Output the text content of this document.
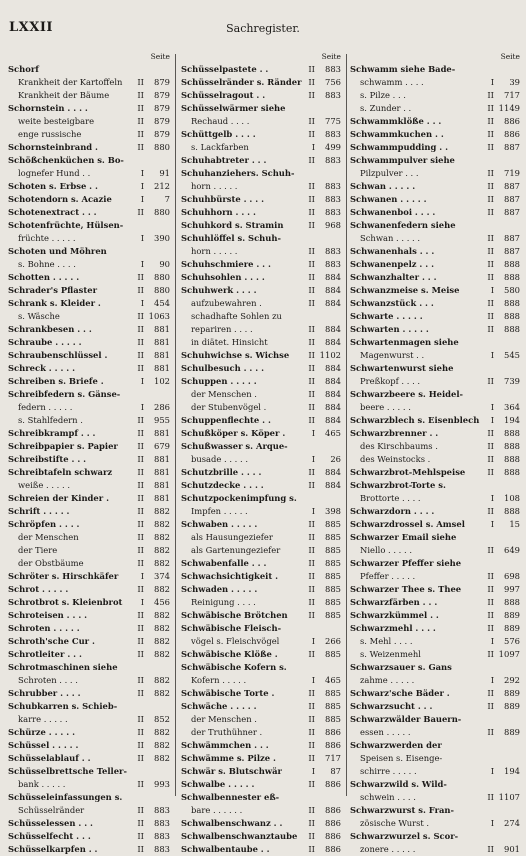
LXXII	Sachregister.
Seite
Schorf
Krankheit der Kartoffeln II	879
Krankheit der Bäume	II	879
Schornstein . . . .	II	879
weite besteigbare	II	879
enge russische	II	879
Schornsteinbrand .	II	880
Schößchenküchen s. Bo-
lognefer Hund . .	I	91
Schoten s. Erbse . .	I	212
Schotendorn s. Acazie	I	7
Schotenextract . . .	II	880
Schotenfrüchte, Hülsen-
früchte . . . . .	I	390
Schoten und Möhren
s. Bohne . . . .	I	90
Schotten . . . . .	II	880
Schrader's Pflaster	II	880
Schrank s. Kleider .	I	454
s. Wäsche	II 1063
Schrankbesen . . .	II	881
Schraube . . . . .	II	881
Schraubenschlüssel .	II	881
Schreck . . . . .	II	881
Schreiben s. Briefe .	I	102
Schreibfedern s. Gänse-
federn . . . . .	I	286
s. Stahlfedern .	II	955
Schreibkrampf . . .	II	881
Schreibpapier s. Papier II	679
Schreibstifte . . .	II	881
Schreibtafeln schwarz	II	881
weiße . . . . .	II	881
Schreien der Kinder .	II	881
Schrift . . . . .	II	882
Schröpfen . . . .	II	882
der Menschen	II	882
der Tiere	II	882
der Obstbäume	II	882
Schröter s. Hirschkäfer	I	374
Schrot . . . . .	II	882
Schrotbrot s. Kleienbrot I	456
Schroteisen . . . .	II	882
Schroten . . . . .	II	882
Schroth'sche Cur .	II	882
Schrotleiter . . .	II	882
Schrotmaschinen siehe
Schroten . . . .	II	882
Schrubber . . . .	II	882
Schubkarren s. Schieb-
karre . . . . .	II	852
Schürze . . . . .	II	882
Schüssel . . . . .	II	882
Schüsselablauf . .	II	882
Schüsselbrettsche Teller-
bank . . . . .	II	993
Schüsseleinfassungen s.
Schüsselränder	II	883
Schüsselessen . . .	II	883
Schüsselfecht . . .	II	883
Schüsselkarpfen . .	II	883
Seite
Schüsselpastete . .	II	883
Schüsselränder s. Ränder II	756
Schüsselragout . .	II	883
Schüsselwärmer siehe
Rechaud . . . .	II	775
Schüttgelb . . . .	II	883
s. Lackfarben	I	499
Schuhabtreter . . .	II	883
Schuhanziehers. Schuh-
horn . . . . .	II	883
Schuhbürste . . . .	II	883
Schuhhorn . . . .	II	883
Schuhkord s. Stramin	II	968
Schuhlöffel s. Schuh-
horn . . . . .	II	883
Schuhschmiere . . .	II	883
Schuhsohlen . . . .	II	884
Schuhwerk . . . .	II	884
aufzubewahren .	II	884
schadhafte Sohlen zu
repariren . . . .	II	884
in diätet. Hinsicht	II	884
Schuhwichse s. Wichse II 1102
Schulbesuch . . . .	II	884
Schuppen . . . . .	II	884
der Menschen .	II	884
der Stubenvögel .	II	884
Schuppenflechte . .	II	884
Schußköper s. Köper .	I	465
Schußwasser s. Arque-
busade . . . . .	I	26
Schutzbrille . . . .	II	884
Schutzdecke . . . .	II	884
Schutzpockenimpfung s.
Impfen . . . . .	I	398
Schwaben . . . . .	II	885
als Hausungeziefer	II	885
als Gartenungeziefer	II	885
Schwabenfalle . . .	II	885
Schwachsichtigkeit .	II	885
Schwaden . . . . .	II	885
Reinigung . . . .	II	885
Schwäbische Brötchen II	885
Schwäbische Fleisch-
vögel s. Fleischvögel	I	266
Schwäbische Klöße .	II	885
Schwäbische Kofern s.
Kofern . . . . .	I	465
Schwäbische Torte .	II	885
Schwäche . . . . .	II	885
der Menschen .	II	885
der Truthühner .	II	886
Schwämmchen . . .	II	886
Schwämme s. Pilze .	II	717
Schwär s. Blutschwär	I	87
Schwalbe . . . . .	II	886
Schwalbennester eß-
bare . . . . . .	II	886
Schwalbenschwanz . .	II	886
Schwalbenschwanztaube II	886
Schwalbentaube . .	II	886
Seite
Schwamm siehe Bade-
schwamm . . . .	I	39
s. Pilze . . .	II	717
s. Zunder . .	II 1149
Schwammklöße . . .	II	886
Schwammkuchen . .	II	886
Schwammpudding . .	II	887
Schwammpulver siehe
Pilzpulver . . .	II	719
Schwan . . . . .	II	887
Schwanen . . . . .	II	887
Schwanenboi . . . .	II	887
Schwanenfedern siehe
Schwan . . . . .	II	887
Schwanenhals . . .	II	887
Schwanenpelz . . .	II	888
Schwanzhalter . . .	II	888
Schwanzmeise s. Meise	I	580
Schwanzstück . . .	II	888
Schwarte . . . . .	II	888
Schwarten . . . . .	II	888
Schwartenmagen siehe
Magenwurst . .	I	545
Schwartenwurst siehe
Preßkopf . . . .	II	739
Schwarzbeere s. Heidel-
beere . . . . .	I	364
Schwarzblech s. Eisenblech I	194
Schwarzbrenner . .	II	888
des Kirschbaums .	II	888
des Weinstocks .	II	888
Schwarzbrot-Mehlspeise	II	888
Schwarzbrot-Torte s.
Brottorte . . . .	I	108
Schwarzdorn . . . .	II	888
Schwarzdrossel s. Amsel	I	15
Schwarzer Email siehe
Niello . . . . .	II	649
Schwarzer Pfeffer siehe
Pfeffer . . . . .	II	698
Schwarzer Thee s. Thee	II	997
Schwarzfärben . . .	II	888
Schwarzkümmel . .	II	889
Schwarzmehl . . . .	II	889
s. Mehl . . . .	I	576
s. Weizenmehl	II 1097
Schwarzsauer s. Gans
zahme . . . . .	I	292
Schwarz'sche Bäder .	II	889
Schwarzsucht . . .	II	889
Schwarzwälder Bauern-
essen . . . . .	II	889
Schwarzwerden der
Speisen s. Eisenge-
schirre . . . . .	I	194
Schwarzwild s. Wild-
schwein . . . .	II 1107
Schwarzwurst s. Fran-
zösische Wurst .	I	274
Schwarzwurzel s. Scor-
zonere . . . . .	II	901
